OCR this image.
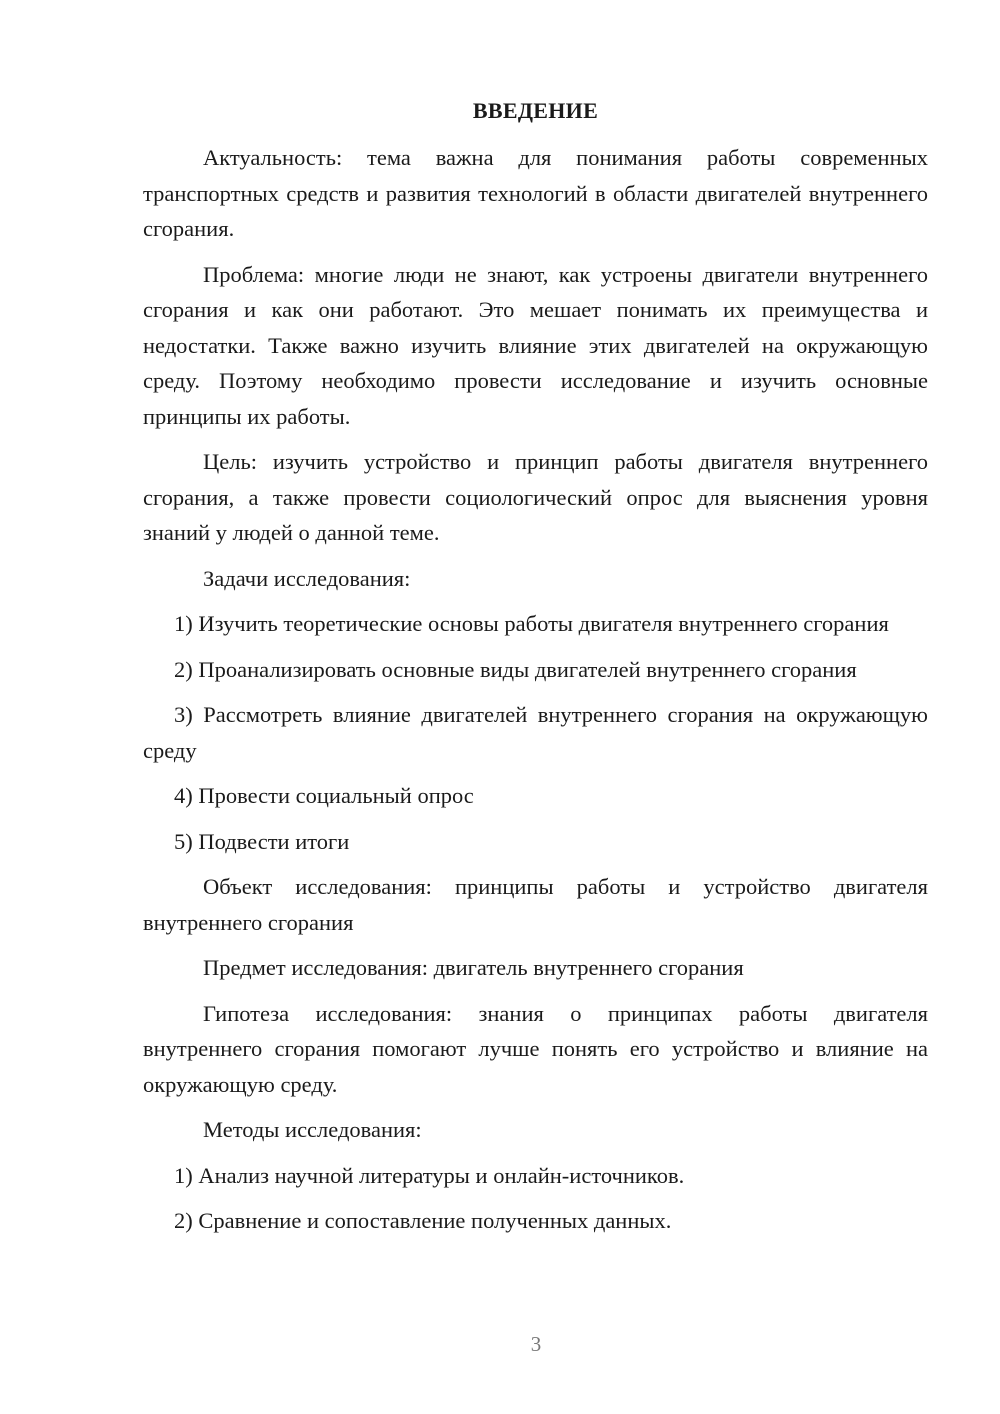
ВВЕДЕНИЕ

Актуальность: тема важна для понимания работы современных транспортных средств и развития технологий в области двигателей внутреннего сгорания.

Проблема: многие люди не знают, как устроены двигатели внутреннего сгорания и как они работают. Это мешает понимать их преимущества и недостатки. Также важно изучить влияние этих двигателей на окружающую среду. Поэтому необходимо провести исследование и изучить основные принципы их работы.

Цель: изучить устройство и принцип работы двигателя внутреннего сгорания, а также провести социологический опрос для выяснения уровня знаний у людей о данной теме.

Задачи исследования:

1) Изучить теоретические основы работы двигателя внутреннего сгорания

2) Проанализировать основные виды двигателей внутреннего сгорания

3) Рассмотреть влияние двигателей внутреннего сгорания на окружающую среду

4) Провести социальный опрос

5) Подвести итоги

Объект исследования: принципы работы и устройство двигателя внутреннего сгорания

Предмет исследования: двигатель внутреннего сгорания

Гипотеза исследования: знания о принципах работы двигателя внутреннего сгорания помогают лучше понять его устройство и влияние на окружающую среду.

Методы исследования:

1) Анализ научной литературы и онлайн-источников.

2) Сравнение и сопоставление полученных данных.

3
